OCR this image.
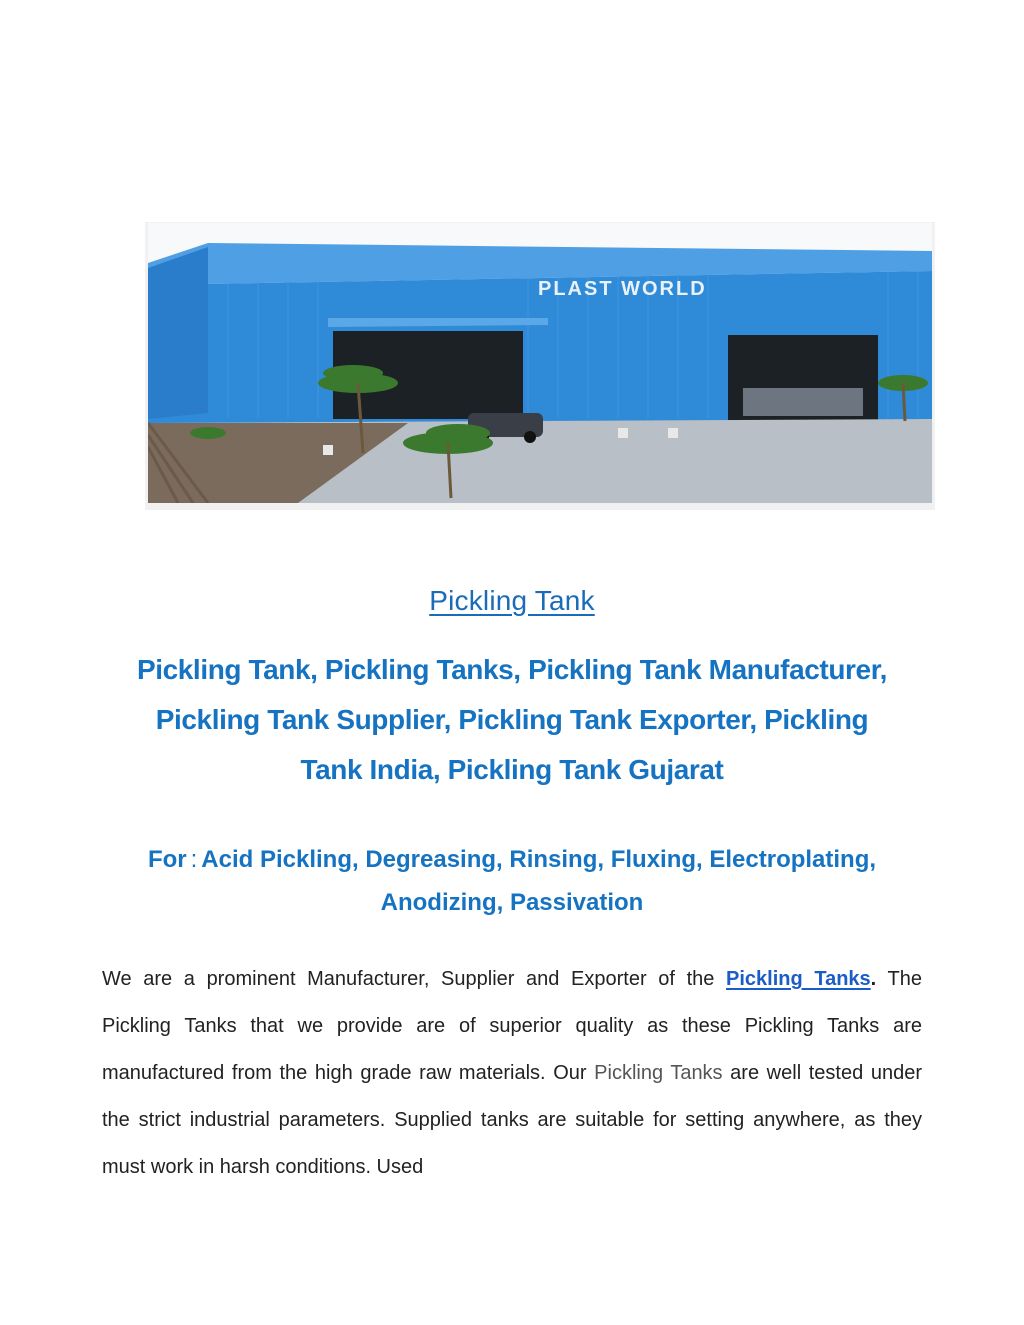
PLAST WORLD
Pickling Tank
Pickling Tank, Pickling Tanks, Pickling Tank Manufacturer, Pickling Tank Supplier, Pickling Tank Exporter, Pickling Tank India, Pickling Tank Gujarat
For : Acid Pickling, Degreasing, Rinsing, Fluxing, Electroplating, Anodizing, Passivation
We are a prominent Manufacturer, Supplier and Exporter of the Pickling Tanks. The Pickling Tanks that we provide are of superior quality as these Pickling Tanks are manufactured from the high grade raw materials. Our Pickling Tanks are well tested under the strict industrial parameters. Supplied tanks are suitable for setting anywhere, as they must work in harsh conditions. Used
